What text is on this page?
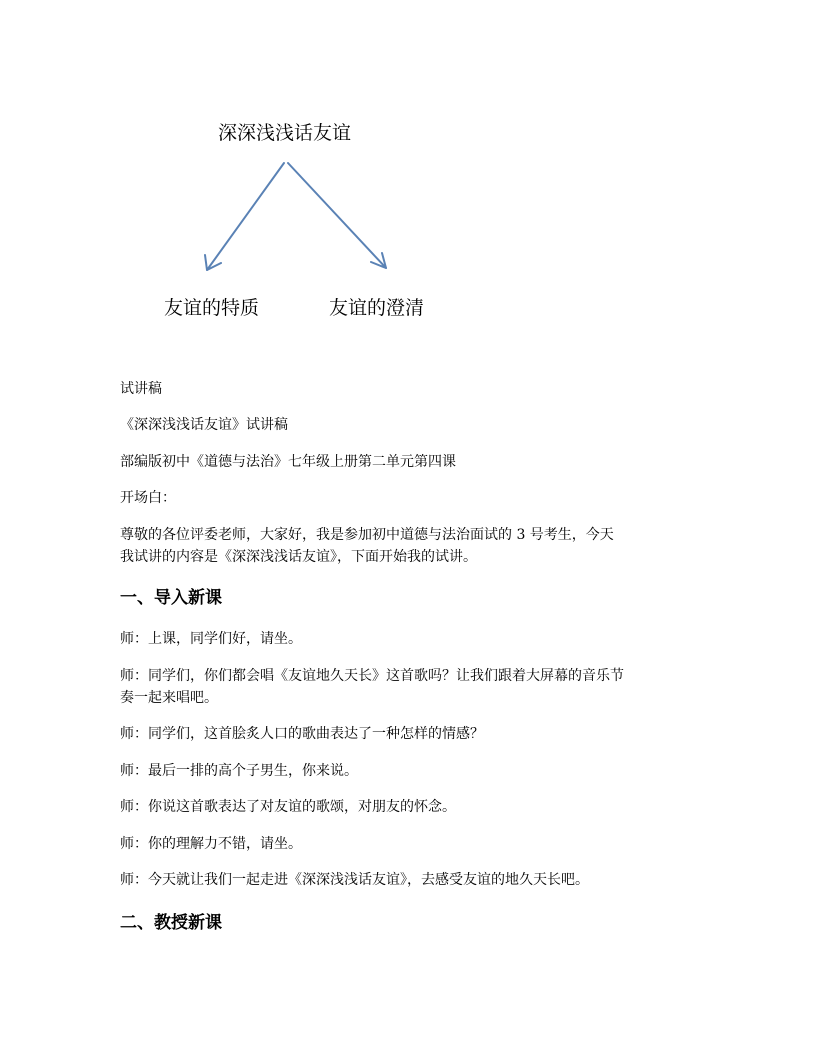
深深浅浅话友谊
友谊的特质	友谊的澄清

试讲稿

《深深浅浅话友谊》试讲稿

部编版初中《道德与法治》七年级上册第二单元第四课

开场白：

尊敬的各位评委老师，大家好，我是参加初中道德与法治面试的 3 号考生，今天

我试讲的内容是《深深浅浅话友谊》，下面开始我的试讲。

一、导入新课

师：上课，同学们好，请坐。

师：同学们，你们都会唱《友谊地久天长》这首歌吗？让我们跟着大屏幕的音乐节

奏一起来唱吧。

师：同学们，这首脍炙人口的歌曲表达了一种怎样的情感？

师：最后一排的高个子男生，你来说。

师：你说这首歌表达了对友谊的歌颂，对朋友的怀念。

师：你的理解力不错，请坐。

师：今天就让我们一起走进《深深浅浅话友谊》，去感受友谊的地久天长吧。

二、教授新课
